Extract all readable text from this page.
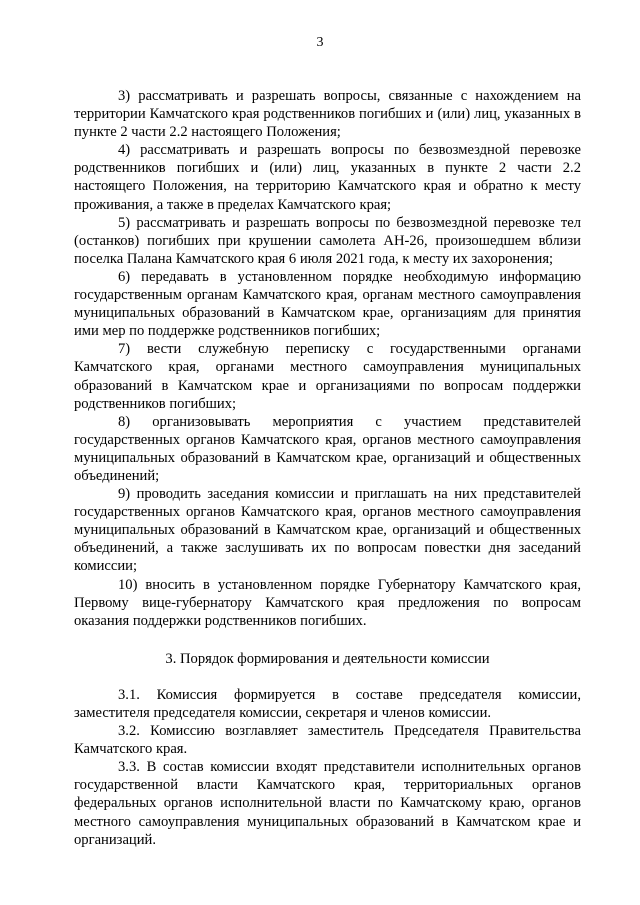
3

3) рассматривать и разрешать вопросы, связанные с нахождением на территории Камчатского края родственников погибших и (или) лиц, указанных в пункте 2 части 2.2 настоящего Положения;

4) рассматривать и разрешать вопросы по безвозмездной перевозке родственников погибших и (или) лиц, указанных в пункте 2 части 2.2 настоящего Положения, на территорию Камчатского края и обратно к месту проживания, а также в пределах Камчатского края;

5) рассматривать и разрешать вопросы по безвозмездной перевозке тел (останков) погибших при крушении самолета АН-26, произошедшем вблизи поселка Палана Камчатского края 6 июля 2021 года, к месту их захоронения;

6) передавать в установленном порядке необходимую информацию государственным органам Камчатского края, органам местного самоуправления муниципальных образований в Камчатском крае, организациям для принятия ими мер по поддержке родственников погибших;

7) вести служебную переписку с государственными органами Камчатского края, органами местного самоуправления муниципальных образований в Камчатском крае и организациями по вопросам поддержки родственников погибших;

8) организовывать мероприятия с участием представителей государственных органов Камчатского края, органов местного самоуправления муниципальных образований в Камчатском крае, организаций и общественных объединений;

9) проводить заседания комиссии и приглашать на них представителей государственных органов Камчатского края, органов местного самоуправления муниципальных образований в Камчатском крае, организаций и общественных объединений, а также заслушивать их по вопросам повестки дня заседаний комиссии;

10) вносить в установленном порядке Губернатору Камчатского края, Первому вице-губернатору Камчатского края предложения по вопросам оказания поддержки родственников погибших.

3. Порядок формирования и деятельности комиссии

3.1. Комиссия формируется в составе председателя комиссии, заместителя председателя комиссии, секретаря и членов комиссии.

3.2. Комиссию возглавляет заместитель Председателя Правительства Камчатского края.

3.3. В состав комиссии входят представители исполнительных органов государственной власти Камчатского края, территориальных органов федеральных органов исполнительной власти по Камчатскому краю, органов местного самоуправления муниципальных образований в Камчатском крае и организаций.
